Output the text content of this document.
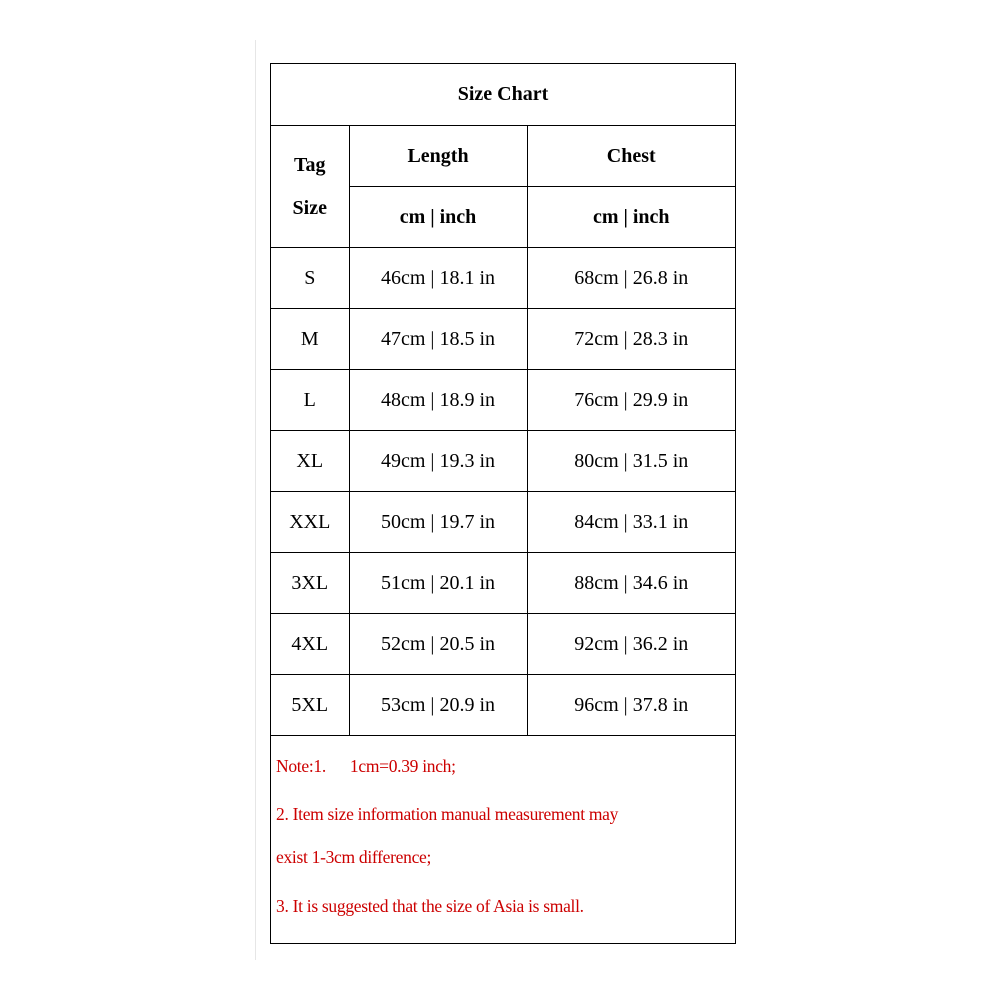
Size Chart		

Tag
Size	Length	Chest
	cm | inch	cm | inch
S	46cm | 18.1 in	68cm | 26.8 in
M	47cm | 18.5 in	72cm | 28.3 in
L	48cm | 18.9 in	76cm | 29.9 in
XL	49cm | 19.3 in	80cm | 31.5 in
XXL	50cm | 19.7 in	84cm | 33.1 in
3XL	51cm | 20.1 in	88cm | 34.6 in
4XL	52cm | 20.5 in	92cm | 36.2 in
5XL	53cm | 20.9 in	96cm | 37.8 in
Note:1. 1cm=0.39 inch;
2. Item size information manual measurement may
exist 1-3cm difference;
3. It is suggested that the size of Asia is small.
